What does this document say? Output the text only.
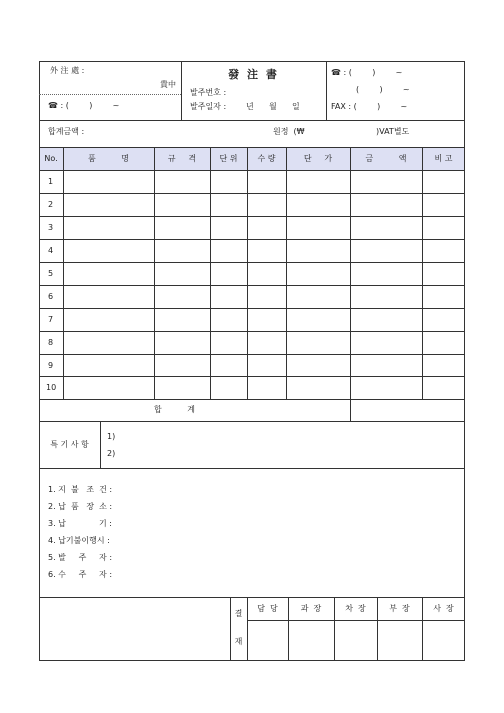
外 注 處 :
貴中
☎ : (        )        ~
發 注 書
발주번호 :
발주일자 : 년      월      일
☎ : (        )        ~
(        )        ~
FAX : (        )        ~
합계금액 :	원정  (₩	)VAT별도
No.	품          명	규     격	단 위	수 량	단     가	금          액	비 고
1
2
3
4
5
6
7
8
9
10
합          계
특 기 사 항
1)
2)
1. 지  불   조  건 :
2. 납  품   장  소 :
3. 납             기 :
4. 납기불이행시 :
5. 발     주     자 :
6. 수     주     자 :
결
재
담  당	과  장	차  장	부  장	사  장
